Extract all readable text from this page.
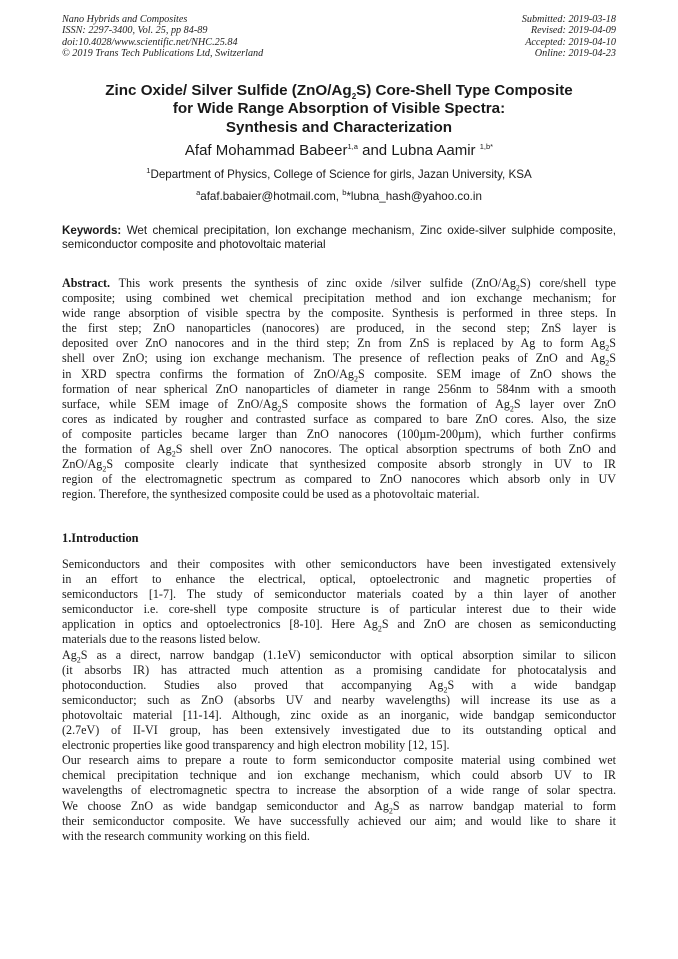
Nano Hybrids and Composites
ISSN: 2297-3400, Vol. 25, pp 84-89
doi:10.4028/www.scientific.net/NHC.25.84
© 2019 Trans Tech Publications Ltd, Switzerland
Submitted: 2019-03-18
Revised: 2019-04-09
Accepted: 2019-04-10
Online: 2019-04-23
Zinc Oxide/ Silver Sulfide $(ZnO/Ag_2S)$ Core-Shell Type Composite
for Wide Range Absorption of Visible Spectra:
Synthesis and Characterization
Afaf Mohammad Babeer$^{1,a}$ and Lubna Aamir $^{1,b*}$
$^1$Department of Physics, College of Science for girls, Jazan University, KSA
$^a$afaf.babaier@hotmail.com, $^b$*lubna_hash@yahoo.co.in
Keywords: Wet chemical precipitation, Ion exchange mechanism, Zinc oxide-silver sulphide composite, semiconductor composite and photovoltaic material
Abstract. This work presents the synthesis of zinc oxide /silver sulfide $(ZnO/Ag_2S)$ core/shell type
composite; using combined wet chemical precipitation method and ion exchange mechanism; for
wide range absorption of visible spectra by the composite. Synthesis is performed in three steps. In
the first step; ZnO nanoparticles (nanocores) are produced, in the second step; ZnS layer is
deposited over ZnO nanocores and in the third step; Zn from ZnS is replaced by Ag to form $Ag_2S$
shell over ZnO; using ion exchange mechanism. The presence of reflection peaks of ZnO and $Ag_2S$
in XRD spectra confirms the formation of ZnO/$Ag_2S$ composite. SEM image of ZnO shows the
formation of near spherical ZnO nanoparticles of diameter in range 256nm to 584nm with a smooth
surface, while SEM image of ZnO/$Ag_2S$ composite shows the formation of $Ag_2S$ layer over ZnO
cores as indicated by rougher and contrasted surface as compared to bare ZnO cores. Also, the size
of composite particles became larger than ZnO nanocores (100µm-200µm), which further confirms
the formation of $Ag_2S$ shell over ZnO nanocores. The optical absorption spectrums of both ZnO and
ZnO/$Ag_2S$ composite clearly indicate that synthesized composite absorb strongly in UV to IR
region of the electromagnetic spectrum as compared to ZnO nanocores which absorb only in UV
region. Therefore, the synthesized composite could be used as a photovoltaic material.
1.Introduction
Semiconductors and their composites with other semiconductors have been investigated extensively
in an effort to enhance the electrical, optical, optoelectronic and magnetic properties of
semiconductors [1-7]. The study of semiconductor materials coated by a thin layer of another
semiconductor i.e. core-shell type composite structure is of particular interest due to their wide
application in optics and optoelectronics [8-10]. Here $Ag_2S$ and ZnO are chosen as semiconducting
materials due to the reasons listed below.
$Ag_2S$ as a direct, narrow bandgap (1.1eV) semiconductor with optical absorption similar to silicon
(it absorbs IR) has attracted much attention as a promising candidate for photocatalysis and
photoconduction. Studies also proved that accompanying $Ag_2S$ with a wide bandgap
semiconductor; such as ZnO (absorbs UV and nearby wavelengths) will increase its use as a
photovoltaic material [11-14]. Although, zinc oxide as an inorganic, wide bandgap semiconductor
(2.7eV) of II-VI group, has been extensively investigated due to its outstanding optical and
electronic properties like good transparency and high electron mobility [12, 15].
Our research aims to prepare a route to form semiconductor composite material using combined wet
chemical precipitation technique and ion exchange mechanism, which could absorb UV to IR
wavelengths of electromagnetic spectra to increase the absorption of a wide range of solar spectra.
We choose ZnO as wide bandgap semiconductor and $Ag_2S$ as narrow bandgap material to form
their semiconductor composite. We have successfully achieved our aim; and would like to share it
with the research community working on this field.
